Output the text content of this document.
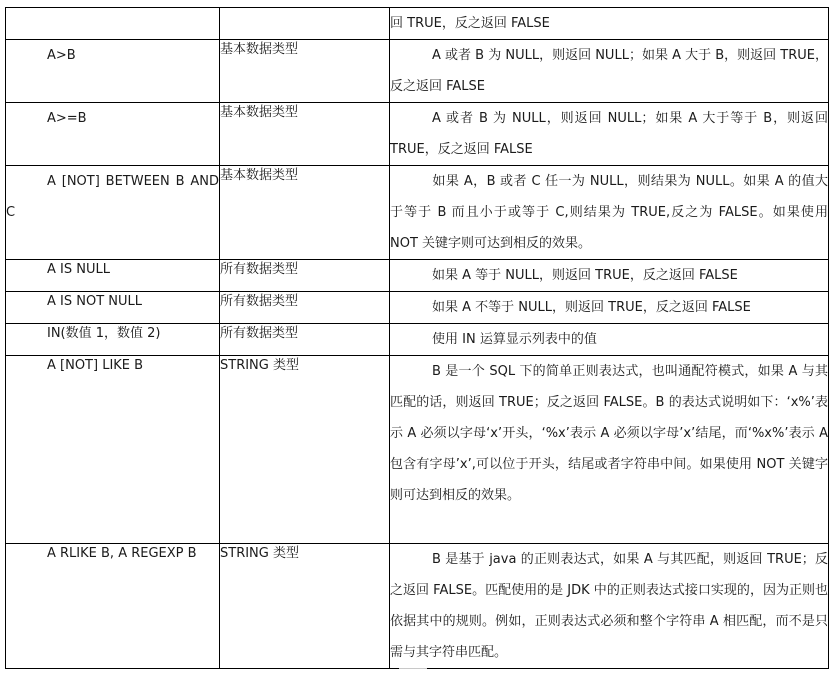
		回 TRUE，反之返回 FALSE

A>B	基本数据类型	A 或者 B 为 NULL，则返回 NULL；如果 A 大于 B，则返回 TRUE，反之返回 FALSE

A>=B	基本数据类型	A 或者 B 为 NULL，则返回 NULL；如果 A 大于等于 B，则返回 TRUE，反之返回 FALSE

A [NOT] BETWEEN B AND C	基本数据类型	如果 A，B 或者 C 任一为 NULL，则结果为 NULL。如果 A 的值大于等于 B 而且小于或等于 C,则结果为 TRUE,反之为 FALSE。如果使用 NOT 关键字则可达到相反的效果。

A IS NULL	所有数据类型	如果 A 等于 NULL，则返回 TRUE，反之返回 FALSE

A IS NOT NULL	所有数据类型	如果 A 不等于 NULL，则返回 TRUE，反之返回 FALSE

IN(数值 1，数值 2)	所有数据类型	使用 IN 运算显示列表中的值

A [NOT] LIKE B	STRING 类型	B 是一个 SQL 下的简单正则表达式，也叫通配符模式，如果 A 与其匹配的话，则返回 TRUE；反之返回 FALSE。B 的表达式说明如下：‘x%’表示 A 必须以字母‘x’开头，‘%x’表示 A 必须以字母’x’结尾，而‘%x%’表示 A 包含有字母’x’,可以位于开头，结尾或者字符串中间。如果使用 NOT 关键字则可达到相反的效果。

A RLIKE B, A REGEXP B	STRING 类型	B 是基于 java 的正则表达式，如果 A 与其匹配，则返回 TRUE；反之返回 FALSE。匹配使用的是 JDK 中的正则表达式接口实现的，因为正则也依据其中的规则。例如，正则表达式必须和整个字符串 A 相匹配，而不是只需与其字符串匹配。
